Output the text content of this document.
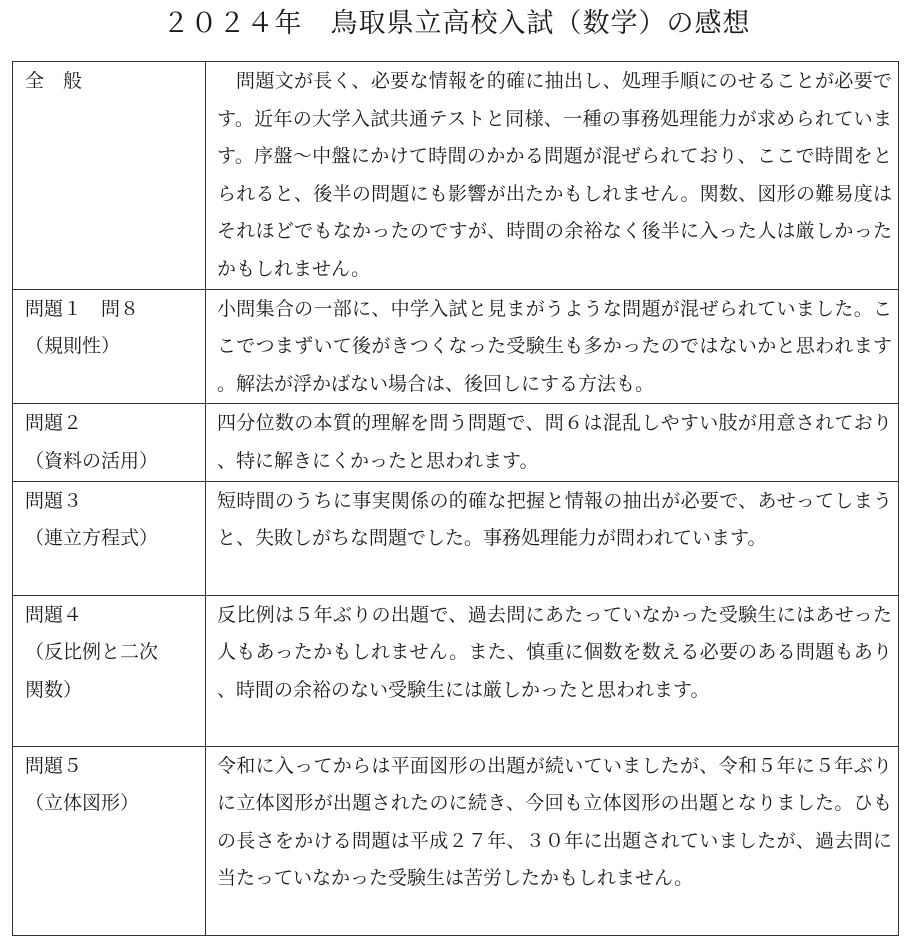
２０２４年　鳥取県立高校入試（数学）の感想
全　般	問題文が長く、必要な情報を的確に抽出し、処理手順にのせることが必要です。近年の大学入試共通テストと同様、一種の事務処理能力が求められています。序盤〜中盤にかけて時間のかかる問題が混ぜられており、ここで時間をとられると、後半の問題にも影響が出たかもしれません。関数、図形の難易度はそれほどでもなかったのですが、時間の余裕なく後半に入った人は厳しかったかもしれません。

問題１　問８
（規則性）	小問集合の一部に、中学入試と見まがうような問題が混ぜられていました。ここでつまずいて後がきつくなった受験生も多かったのではないかと思われます。解法が浮かばない場合は、後回しにする方法も。

問題２
（資料の活用）	四分位数の本質的理解を問う問題で、問６は混乱しやすい肢が用意されており、特に解きにくかったと思われます。

問題３
（連立方程式）	短時間のうちに事実関係の的確な把握と情報の抽出が必要で、あせってしまうと、失敗しがちな問題でした。事務処理能力が問われています。

問題４
（反比例と二次
関数）	反比例は５年ぶりの出題で、過去問にあたっていなかった受験生にはあせった人もあったかもしれません。また、慎重に個数を数える必要のある問題もあり、時間の余裕のない受験生には厳しかったと思われます。

問題５
（立体図形）	令和に入ってからは平面図形の出題が続いていましたが、令和５年に５年ぶりに立体図形が出題されたのに続き、今回も立体図形の出題となりました。ひもの長さをかける問題は平成２７年、３０年に出題されていましたが、過去問に当たっていなかった受験生は苦労したかもしれません。
